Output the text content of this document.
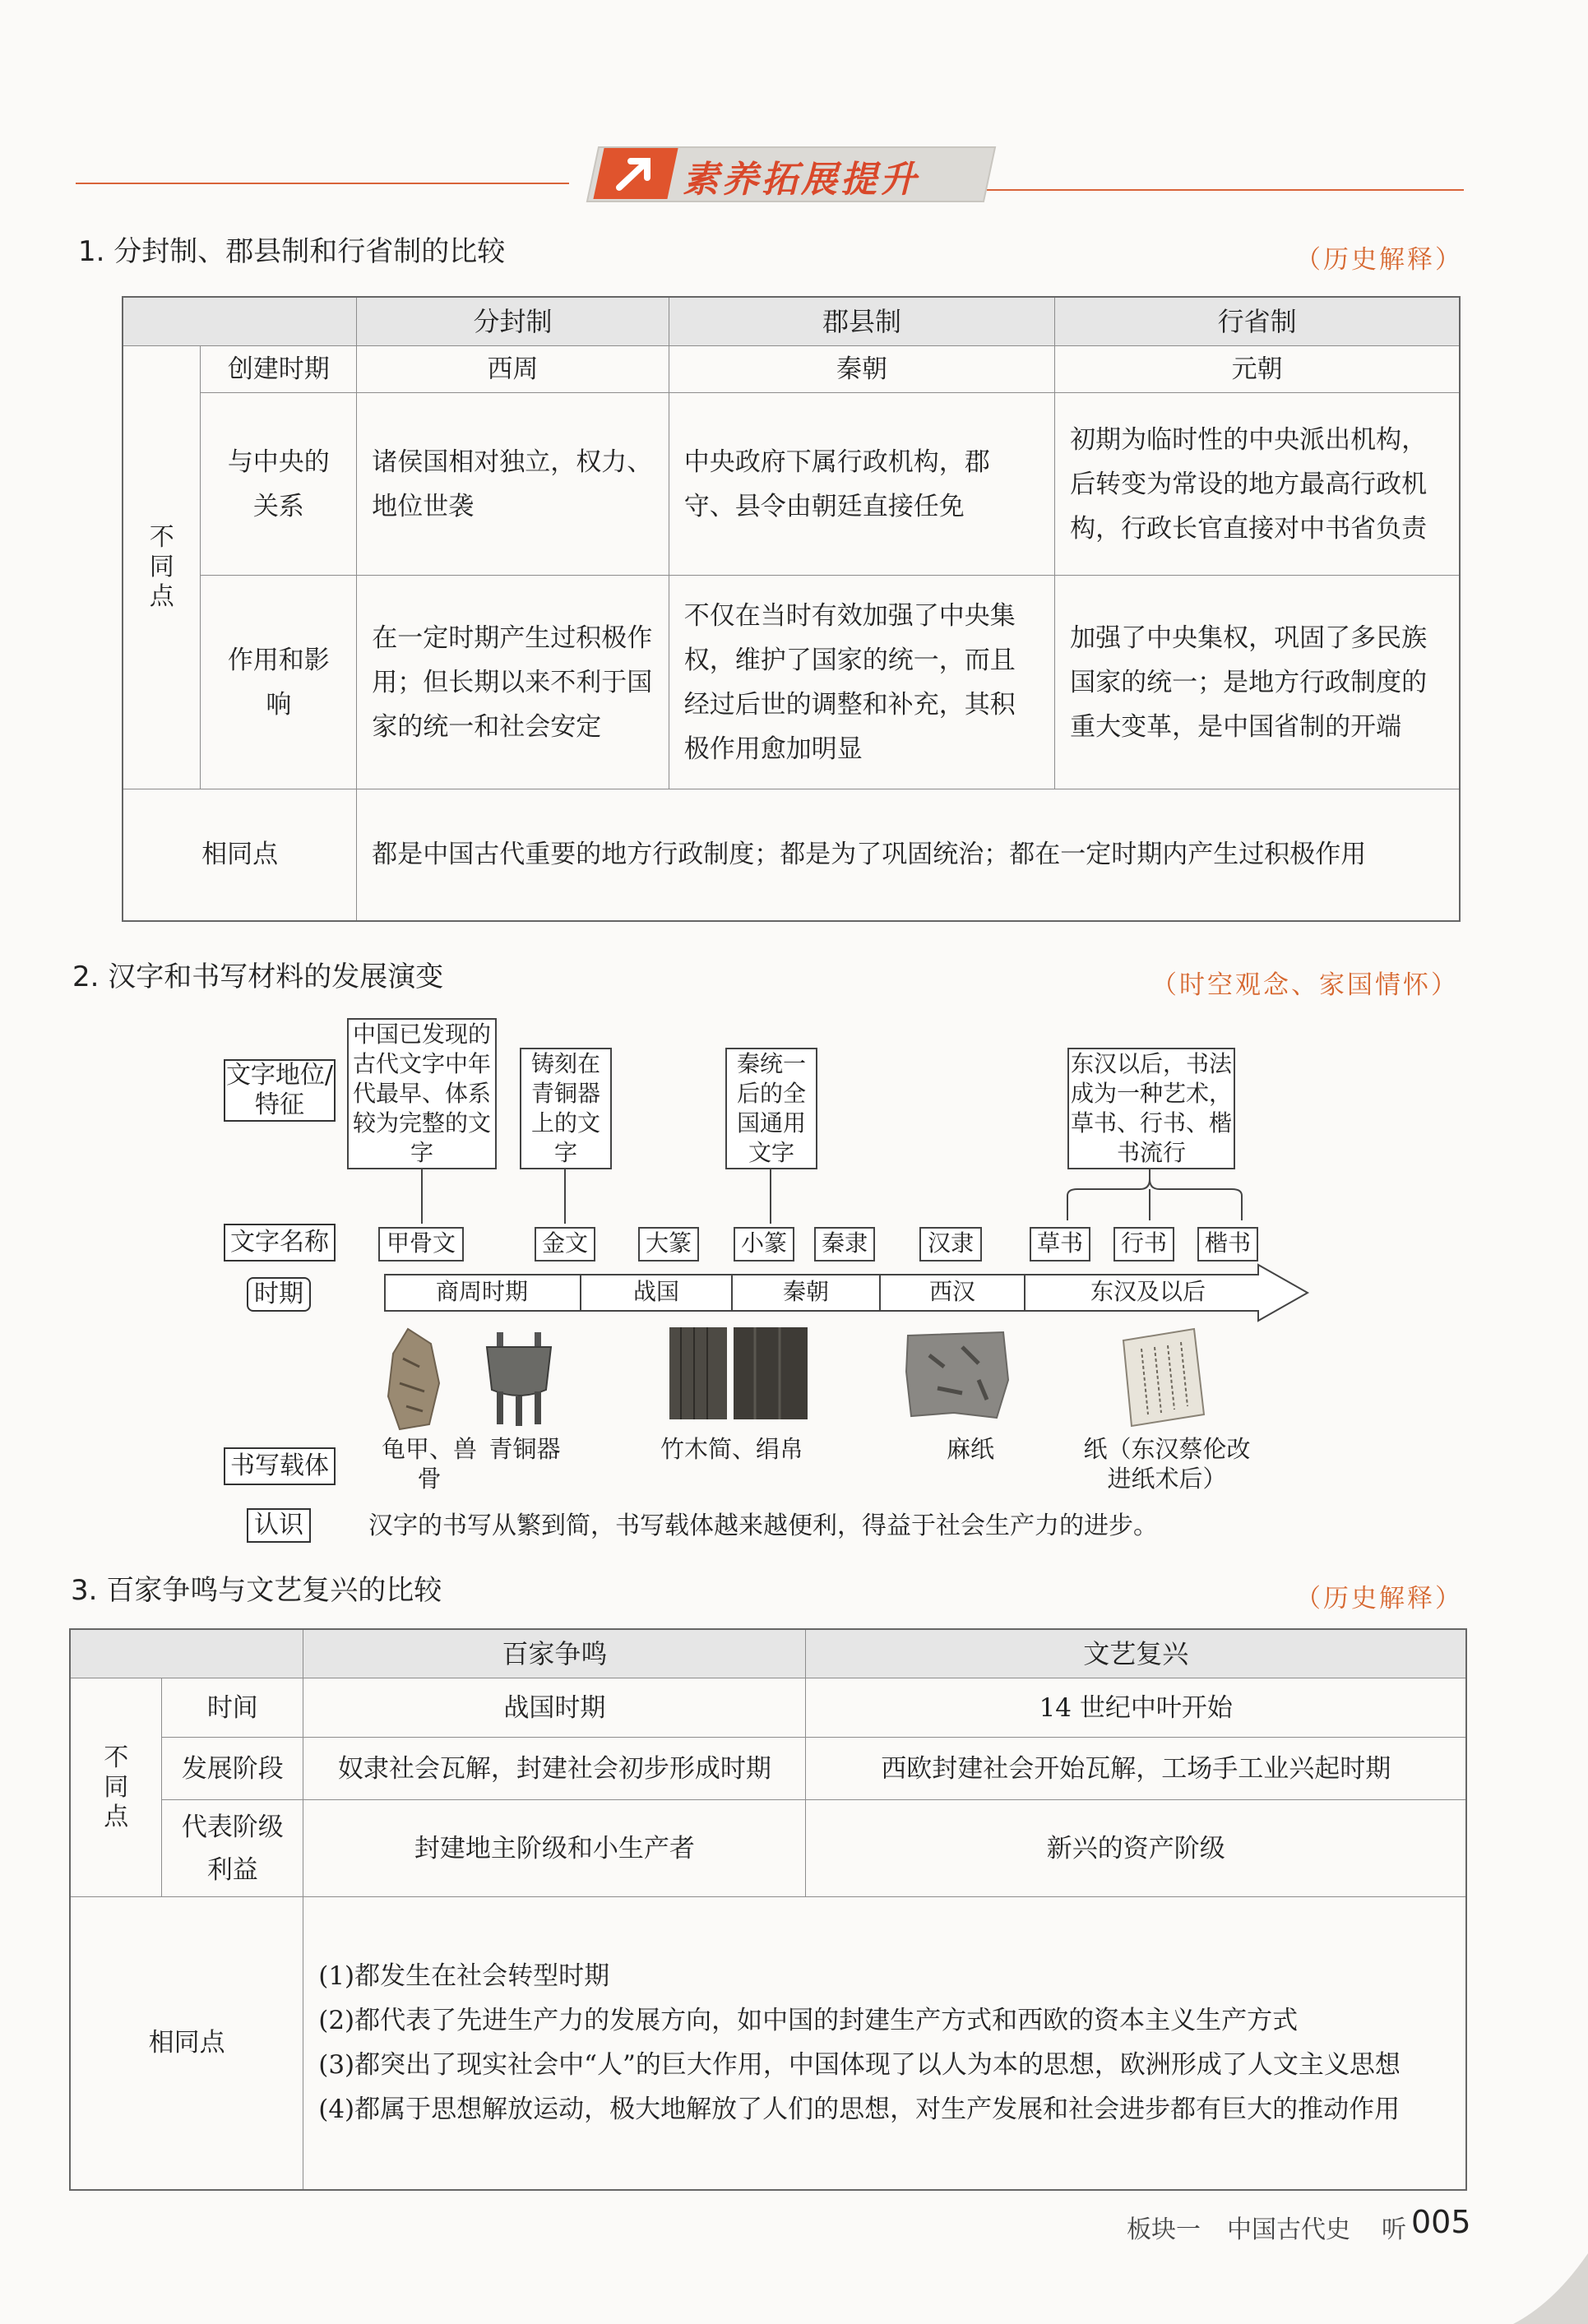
素养拓展提升
1. 分封制、郡县制和行省制的比较	（历史解释）
		分封制	郡县制	行省制
不
同
点	创建时期	西周	秦朝	元朝
	与中央的关系	诸侯国相对独立，权力、地位世袭	中央政府下属行政机构，郡守、县令由朝廷直接任免	初期为临时性的中央派出机构，后转变为常设的地方最高行政机构，行政长官直接对中书省负责
	作用和影响	在一定时期产生过积极作用；但长期以来不利于国家的统一和社会安定	不仅在当时有效加强了中央集权，维护了国家的统一，而且经过后世的调整和补充，其积极作用愈加明显	加强了中央集权，巩固了多民族国家的统一；是地方行政制度的重大变革，是中国省制的开端
相同点		都是中国古代重要的地方行政制度；都是为了巩固统治；都在一定时期内产生过积极作用		
2. 汉字和书写材料的发展演变	（时空观念、家国情怀）
文字地位/特征
文字名称
时期
书写载体
认识
中国已发现的古代文字中年代最早、体系较为完整的文字
铸刻在青铜器上的文字
秦统一后的全国通用文字
东汉以后，书法成为一种艺术，草书、行书、楷书流行
甲骨文	金文	大篆	小篆	秦隶	汉隶	草书	行书	楷书
商周时期	战国	秦朝	西汉	东汉及以后
龟甲、兽骨
青铜器	竹木简、绢帛	麻纸	纸（东汉蔡伦改进纸术后）
汉字的书写从繁到简，书写载体越来越便利，得益于社会生产力的进步。
3. 百家争鸣与文艺复兴的比较	（历史解释）
		百家争鸣	文艺复兴
不
同
点	时间	战国时期	14 世纪中叶开始
	发展阶段	奴隶社会瓦解，封建社会初步形成时期	西欧封建社会开始瓦解，工场手工业兴起时期
	代表阶级利益	封建地主阶级和小生产者	新兴的资产阶级
相同点		(1)都发生在社会转型时期
(2)都代表了先进生产力的发展方向，如中国的封建生产方式和西欧的资本主义生产方式
(3)都突出了现实社会中“人”的巨大作用，中国体现了以人为本的思想，欧洲形成了人文主义思想
(4)都属于思想解放运动，极大地解放了人们的思想，对生产发展和社会进步都有巨大的推动作用	
板块一 中国古代史 听 005
